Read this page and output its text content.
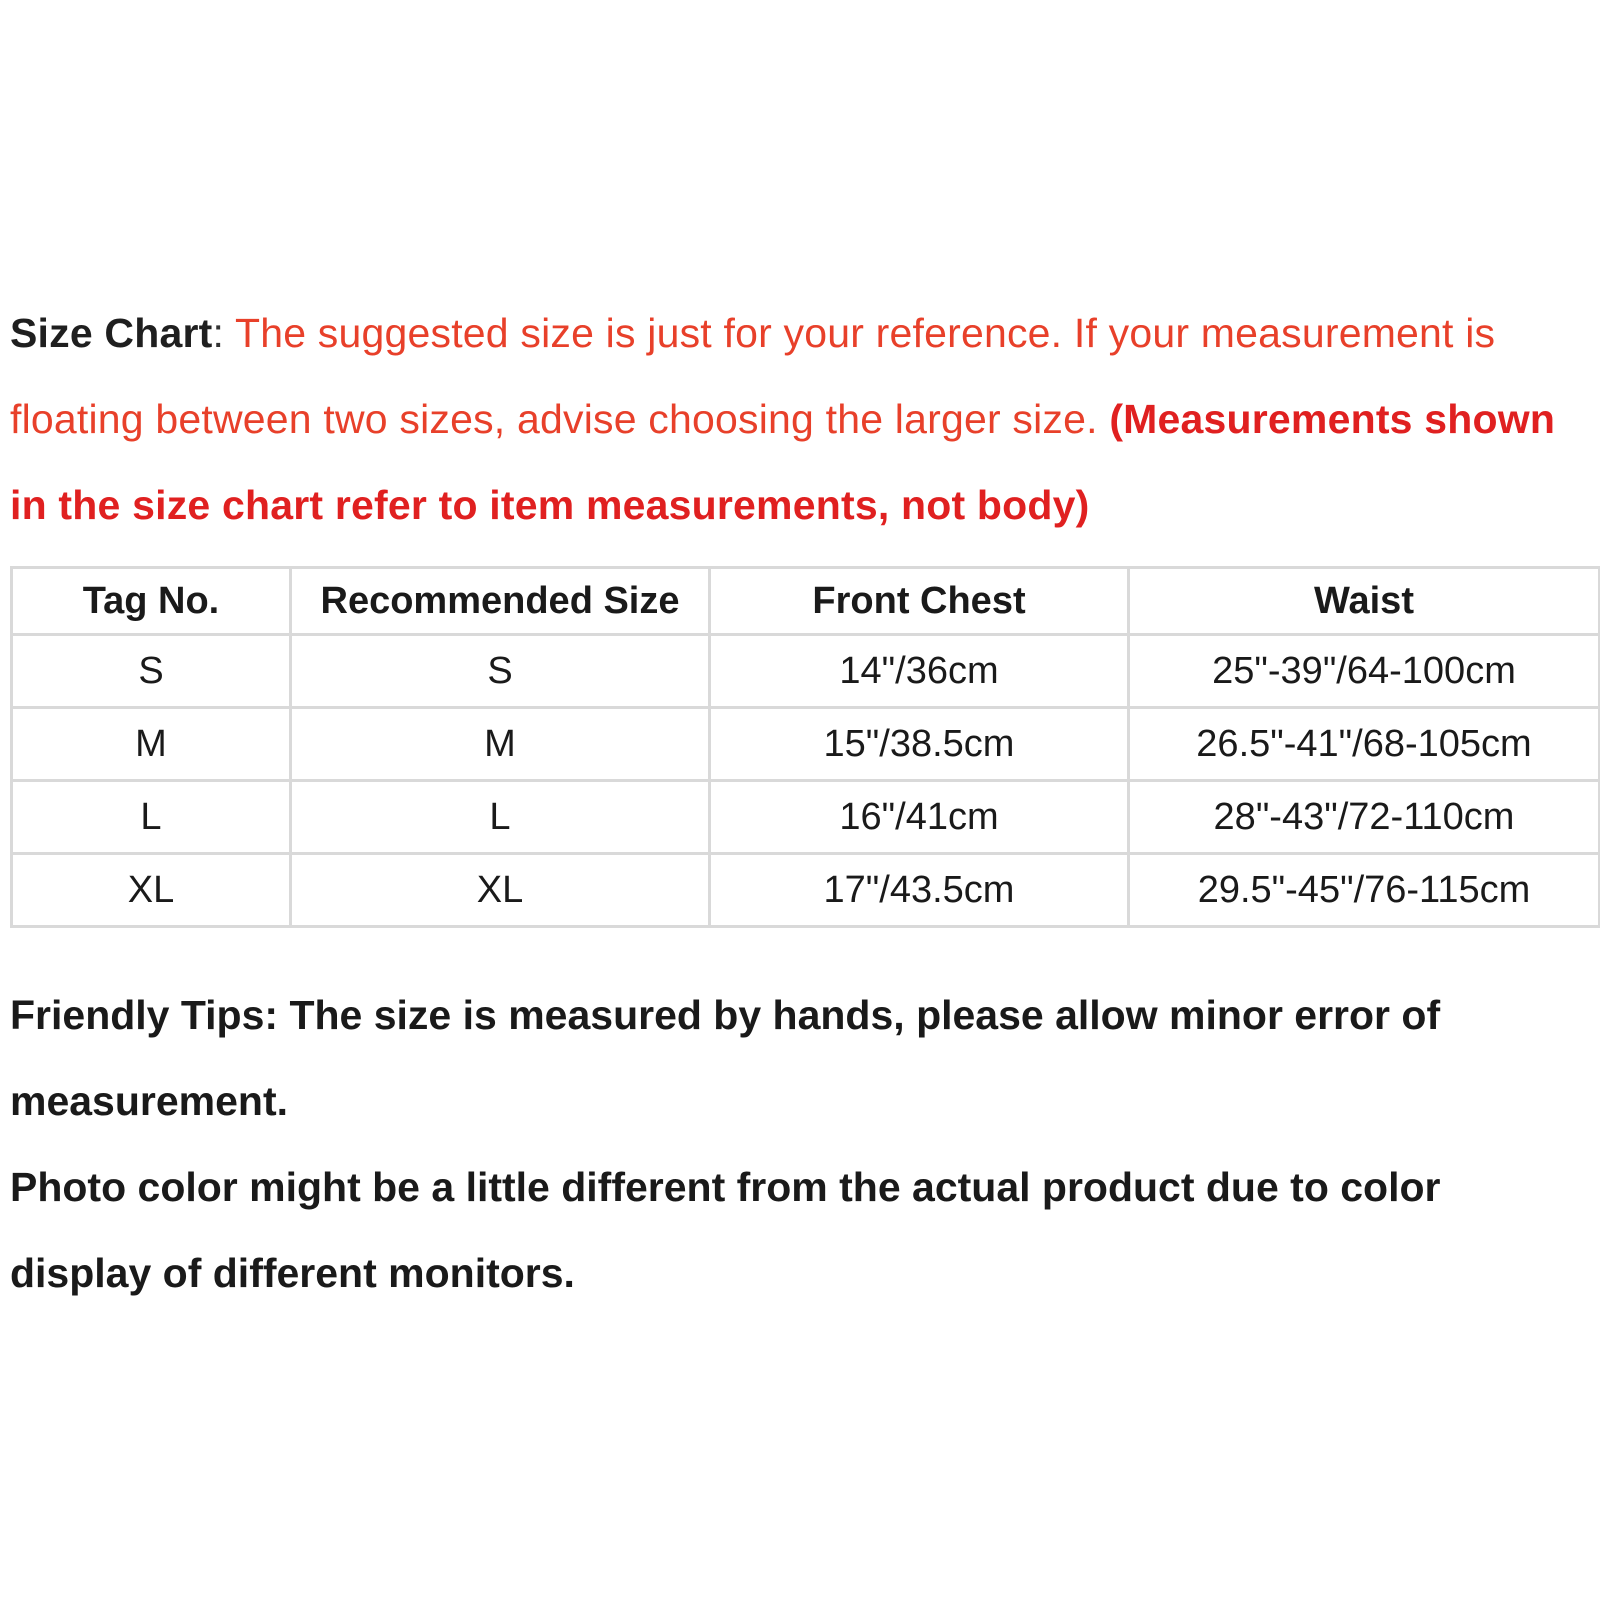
Size Chart: The suggested size is just for your reference. If your measurement is floating between two sizes, advise choosing the larger size. (Measurements shown in the size chart refer to item measurements, not body)
Tag No.	Recommended Size	Front Chest	Waist
S	S	14"/36cm	25"-39"/64-100cm
M	M	15"/38.5cm	26.5"-41"/68-105cm
L	L	16"/41cm	28"-43"/72-110cm
XL	XL	17"/43.5cm	29.5"-45"/76-115cm

Friendly Tips: The size is measured by hands, please allow minor error of measurement.

Photo color might be a little different from the actual product due to color display of different monitors.
